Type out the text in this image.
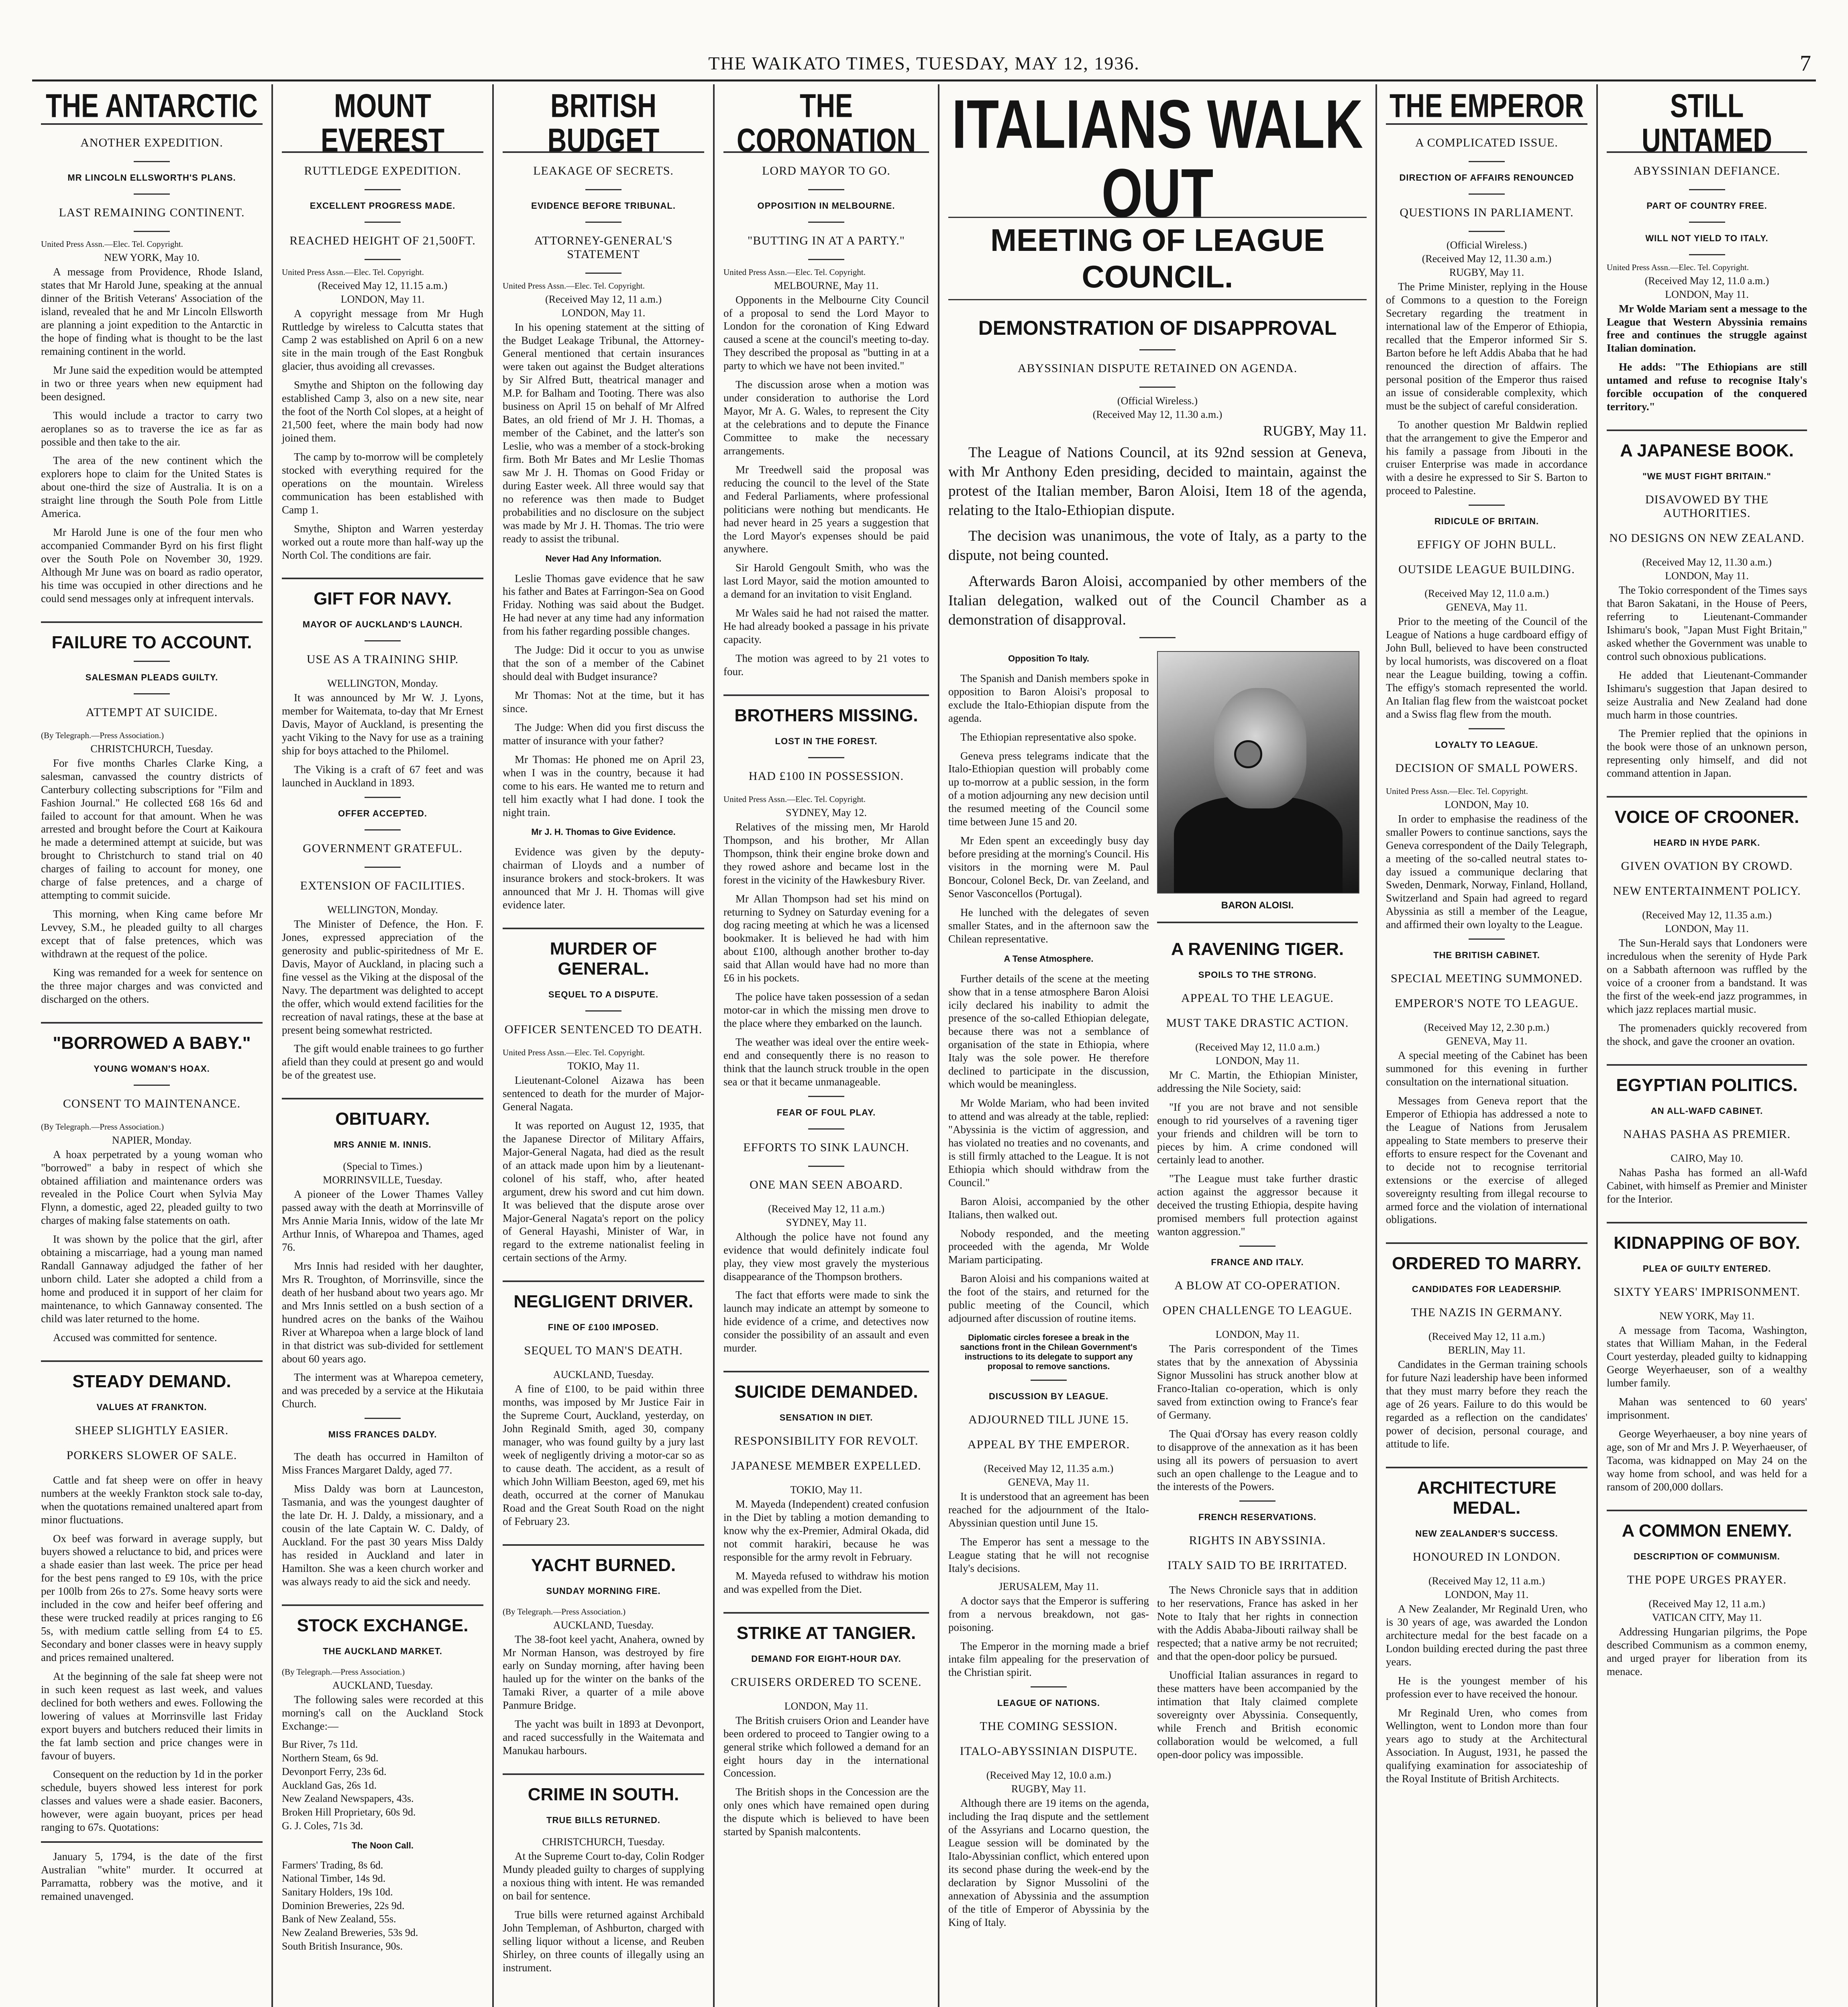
THE WAIKATO TIMES, TUESDAY, MAY 12, 1936.	7
THE ANTARCTIC
ANOTHER EXPEDITION.
MR LINCOLN ELLSWORTH'S PLANS.
LAST REMAINING CONTINENT.
United Press Assn.—Elec. Tel. Copyright.
NEW YORK, May 10.

A message from Providence, Rhode Island, states that Mr Harold June, speaking at the annual dinner of the British Veterans' Association of the island, revealed that he and Mr Lincoln Ellsworth are planning a joint expedition to the Antarctic in the hope of finding what is thought to be the last remaining continent in the world.

Mr June said the expedition would be attempted in two or three years when new equipment had been designed.

This would include a tractor to carry two aeroplanes so as to traverse the ice as far as possible and then take to the air.

The area of the new continent which the explorers hope to claim for the United States is about one-third the size of Australia. It is on a straight line through the South Pole from Little America.

Mr Harold June is one of the four men who accompanied Commander Byrd on his first flight over the South Pole on November 30, 1929. Although Mr June was on board as radio operator, his time was occupied in other directions and he could send messages only at infrequent intervals.

FAILURE TO ACCOUNT.
SALESMAN PLEADS GUILTY.
ATTEMPT AT SUICIDE.
(By Telegraph.—Press Association.)
CHRISTCHURCH, Tuesday.

For five months Charles Clarke King, a salesman, canvassed the country districts of Canterbury collecting subscriptions for "Film and Fashion Journal." He collected £68 16s 6d and failed to account for that amount. When he was arrested and brought before the Court at Kaikoura he made a determined attempt at suicide, but was brought to Christchurch to stand trial on 40 charges of failing to account for money, one charge of false pretences, and a charge of attempting to commit suicide.

This morning, when King came before Mr Levvey, S.M., he pleaded guilty to all charges except that of false pretences, which was withdrawn at the request of the police.

King was remanded for a week for sentence on the three major charges and was convicted and discharged on the others.

"BORROWED A BABY."
YOUNG WOMAN'S HOAX.
CONSENT TO MAINTENANCE.
(By Telegraph.—Press Association.)
NAPIER, Monday.

A hoax perpetrated by a young woman who "borrowed" a baby in respect of which she obtained affiliation and maintenance orders was revealed in the Police Court when Sylvia May Flynn, a domestic, aged 22, pleaded guilty to two charges of making false statements on oath.

It was shown by the police that the girl, after obtaining a miscarriage, had a young man named Randall Gannaway adjudged the father of her unborn child. Later she adopted a child from a home and produced it in support of her claim for maintenance, to which Gannaway consented. The child was later returned to the home.

Accused was committed for sentence.

STEADY DEMAND.
VALUES AT FRANKTON.
SHEEP SLIGHTLY EASIER.
PORKERS SLOWER OF SALE.

Cattle and fat sheep were on offer in heavy numbers at the weekly Frankton stock sale to-day, when the quotations remained unaltered apart from minor fluctuations.

Ox beef was forward in average supply, but buyers showed a reluctance to bid, and prices were a shade easier than last week. The price per head for the best pens ranged to £9 10s, with the price per 100lb from 26s to 27s. Some heavy sorts were included in the cow and heifer beef offering and these were trucked readily at prices ranging to £6 5s, with medium cattle selling from £4 to £5. Secondary and boner classes were in heavy supply and prices remained unaltered.

At the beginning of the sale fat sheep were not in such keen request as last week, and values declined for both wethers and ewes. Following the lowering of values at Morrinsville last Friday export buyers and butchers reduced their limits in the fat lamb section and price changes were in favour of buyers.

Consequent on the reduction by 1d in the porker schedule, buyers showed less interest for pork classes and values were a shade easier. Baconers, however, were again buoyant, prices per head ranging to 67s. Quotations:

January 5, 1794, is the date of the first Australian "white" murder. It occurred at Parramatta, robbery was the motive, and it remained unavenged.

MOUNT EVEREST
RUTTLEDGE EXPEDITION.
EXCELLENT PROGRESS MADE.
REACHED HEIGHT OF 21,500FT.
United Press Assn.—Elec. Tel. Copyright.
(Received May 12, 11.15 a.m.)
LONDON, May 11.

A copyright message from Mr Hugh Ruttledge by wireless to Calcutta states that Camp 2 was established on April 6 on a new site in the main trough of the East Rongbuk glacier, thus avoiding all crevasses.

Smythe and Shipton on the following day established Camp 3, also on a new site, near the foot of the North Col slopes, at a height of 21,500 feet, where the main body had now joined them.

The camp by to-morrow will be completely stocked with everything required for the operations on the mountain. Wireless communication has been established with Camp 1.

Smythe, Shipton and Warren yesterday worked out a route more than half-way up the North Col. The conditions are fair.

GIFT FOR NAVY.
MAYOR OF AUCKLAND'S LAUNCH.
USE AS A TRAINING SHIP.
WELLINGTON, Monday.

It was announced by Mr W. J. Lyons, member for Waitemata, to-day that Mr Ernest Davis, Mayor of Auckland, is presenting the yacht Viking to the Navy for use as a training ship for boys attached to the Philomel.

The Viking is a craft of 67 feet and was launched in Auckland in 1893.

OFFER ACCEPTED.
GOVERNMENT GRATEFUL.
EXTENSION OF FACILITIES.
WELLINGTON, Monday.

The Minister of Defence, the Hon. F. Jones, expressed appreciation of the generosity and public-spiritedness of Mr E. Davis, Mayor of Auckland, in placing such a fine vessel as the Viking at the disposal of the Navy. The department was delighted to accept the offer, which would extend facilities for the recreation of naval ratings, these at the base at present being somewhat restricted.

The gift would enable trainees to go further afield than they could at present go and would be of the greatest use.

OBITUARY.
MRS ANNIE M. INNIS.
(Special to Times.)
MORRINSVILLE, Tuesday.

A pioneer of the Lower Thames Valley passed away with the death at Morrinsville of Mrs Annie Maria Innis, widow of the late Mr Arthur Innis, of Wharepoa and Thames, aged 76.

Mrs Innis had resided with her daughter, Mrs R. Troughton, of Morrinsville, since the death of her husband about two years ago. Mr and Mrs Innis settled on a bush section of a hundred acres on the banks of the Waihou River at Wharepoa when a large block of land in that district was sub-divided for settlement about 60 years ago.

The interment was at Wharepoa cemetery, and was preceded by a service at the Hikutaia Church.

MISS FRANCES DALDY.

The death has occurred in Hamilton of Miss Frances Margaret Daldy, aged 77.

Miss Daldy was born at Launceston, Tasmania, and was the youngest daughter of the late Dr. H. J. Daldy, a missionary, and a cousin of the late Captain W. C. Daldy, of Auckland. For the past 30 years Miss Daldy has resided in Auckland and later in Hamilton. She was a keen church worker and was always ready to aid the sick and needy.

STOCK EXCHANGE.
THE AUCKLAND MARKET.
(By Telegraph.—Press Association.)
AUCKLAND, Tuesday.

The following sales were recorded at this morning's call on the Auckland Stock Exchange:—

Bur River, 7s 11d.
Northern Steam, 6s 9d.
Devonport Ferry, 23s 6d.
Auckland Gas, 26s 1d.
New Zealand Newspapers, 43s.
Broken Hill Proprietary, 60s 9d.
G. J. Coles, 71s 3d.
The Noon Call.
Farmers' Trading, 8s 6d.
National Timber, 14s 9d.
Sanitary Holders, 19s 10d.
Dominion Breweries, 22s 9d.
Bank of New Zealand, 55s.
New Zealand Breweries, 53s 9d.
South British Insurance, 90s.
BRITISH BUDGET
LEAKAGE OF SECRETS.
EVIDENCE BEFORE TRIBUNAL.
ATTORNEY-GENERAL'S STATEMENT
United Press Assn.—Elec. Tel. Copyright.
(Received May 12, 11 a.m.)
LONDON, May 11.

In his opening statement at the sitting of the Budget Leakage Tribunal, the Attorney-General mentioned that certain insurances were taken out against the Budget alterations by Sir Alfred Butt, theatrical manager and M.P. for Balham and Tooting. There was also business on April 15 on behalf of Mr Alfred Bates, an old friend of Mr J. H. Thomas, a member of the Cabinet, and the latter's son Leslie, who was a member of a stock-broking firm. Both Mr Bates and Mr Leslie Thomas saw Mr J. H. Thomas on Good Friday or during Easter week. All three would say that no reference was then made to Budget probabilities and no disclosure on the subject was made by Mr J. H. Thomas. The trio were ready to assist the tribunal.

Never Had Any Information.

Leslie Thomas gave evidence that he saw his father and Bates at Farringon-Sea on Good Friday. Nothing was said about the Budget. He had never at any time had any information from his father regarding possible changes.

The Judge: Did it occur to you as unwise that the son of a member of the Cabinet should deal with Budget insurance?

Mr Thomas: Not at the time, but it has since.

The Judge: When did you first discuss the matter of insurance with your father?

Mr Thomas: He phoned me on April 23, when I was in the country, because it had come to his ears. He wanted me to return and tell him exactly what I had done. I took the night train.

Mr J. H. Thomas to Give Evidence.

Evidence was given by the deputy-chairman of Lloyds and a number of insurance brokers and stock-brokers. It was announced that Mr J. H. Thomas will give evidence later.

MURDER OF GENERAL.
SEQUEL TO A DISPUTE.
OFFICER SENTENCED TO DEATH.
United Press Assn.—Elec. Tel. Copyright.
TOKIO, May 11.

Lieutenant-Colonel Aizawa has been sentenced to death for the murder of Major-General Nagata.

It was reported on August 12, 1935, that the Japanese Director of Military Affairs, Major-General Nagata, had died as the result of an attack made upon him by a lieutenant-colonel of his staff, who, after heated argument, drew his sword and cut him down. It was believed that the dispute arose over Major-General Nagata's report on the policy of General Hayashi, Minister of War, in regard to the extreme nationalist feeling in certain sections of the Army.

NEGLIGENT DRIVER.
FINE OF £100 IMPOSED.
SEQUEL TO MAN'S DEATH.
AUCKLAND, Tuesday.

A fine of £100, to be paid within three months, was imposed by Mr Justice Fair in the Supreme Court, Auckland, yesterday, on John Reginald Smith, aged 30, company manager, who was found guilty by a jury last week of negligently driving a motor-car so as to cause death. The accident, as a result of which John William Beeston, aged 69, met his death, occurred at the corner of Manukau Road and the Great South Road on the night of February 23.

YACHT BURNED.
SUNDAY MORNING FIRE.
(By Telegraph.—Press Association.)
AUCKLAND, Tuesday.

The 38-foot keel yacht, Anahera, owned by Mr Norman Hanson, was destroyed by fire early on Sunday morning, after having been hauled up for the winter on the banks of the Tamaki River, a quarter of a mile above Panmure Bridge.

The yacht was built in 1893 at Devonport, and raced successfully in the Waitemata and Manukau harbours.

CRIME IN SOUTH.
TRUE BILLS RETURNED.
CHRISTCHURCH, Tuesday.

At the Supreme Court to-day, Colin Rodger Mundy pleaded guilty to charges of supplying a noxious thing with intent. He was remanded on bail for sentence.

True bills were returned against Archibald John Templeman, of Ashburton, charged with selling liquor without a license, and Reuben Shirley, on three counts of illegally using an instrument.

THE CORONATION
LORD MAYOR TO GO.
OPPOSITION IN MELBOURNE.
"BUTTING IN AT A PARTY."
United Press Assn.—Elec. Tel. Copyright.
MELBOURNE, May 11.

Opponents in the Melbourne City Council of a proposal to send the Lord Mayor to London for the coronation of King Edward caused a scene at the council's meeting to-day. They described the proposal as "butting in at a party to which we have not been invited."

The discussion arose when a motion was under consideration to authorise the Lord Mayor, Mr A. G. Wales, to represent the City at the celebrations and to depute the Finance Committee to make the necessary arrangements.

Mr Treedwell said the proposal was reducing the council to the level of the State and Federal Parliaments, where professional politicians were nothing but mendicants. He had never heard in 25 years a suggestion that the Lord Mayor's expenses should be paid anywhere.

Sir Harold Gengoult Smith, who was the last Lord Mayor, said the motion amounted to a demand for an invitation to visit England.

Mr Wales said he had not raised the matter. He had already booked a passage in his private capacity.

The motion was agreed to by 21 votes to four.

BROTHERS MISSING.
LOST IN THE FOREST.
HAD £100 IN POSSESSION.
United Press Assn.—Elec. Tel. Copyright.
SYDNEY, May 12.

Relatives of the missing men, Mr Harold Thompson, and his brother, Mr Allan Thompson, think their engine broke down and they rowed ashore and became lost in the forest in the vicinity of the Hawkesbury River.

Mr Allan Thompson had set his mind on returning to Sydney on Saturday evening for a dog racing meeting at which he was a licensed bookmaker. It is believed he had with him about £100, although another brother to-day said that Allan would have had no more than £6 in his pockets.

The police have taken possession of a sedan motor-car in which the missing men drove to the place where they embarked on the launch.

The weather was ideal over the entire week-end and consequently there is no reason to think that the launch struck trouble in the open sea or that it became unmanageable.

FEAR OF FOUL PLAY.
EFFORTS TO SINK LAUNCH.
ONE MAN SEEN ABOARD.
(Received May 12, 11 a.m.)
SYDNEY, May 11.

Although the police have not found any evidence that would definitely indicate foul play, they view most gravely the mysterious disappearance of the Thompson brothers.

The fact that efforts were made to sink the launch may indicate an attempt by someone to hide evidence of a crime, and detectives now consider the possibility of an assault and even murder.

SUICIDE DEMANDED.
SENSATION IN DIET.
RESPONSIBILITY FOR REVOLT.
JAPANESE MEMBER EXPELLED.
TOKIO, May 11.

M. Mayeda (Independent) created confusion in the Diet by tabling a motion demanding to know why the ex-Premier, Admiral Okada, did not commit harakiri, because he was responsible for the army revolt in February.

M. Mayeda refused to withdraw his motion and was expelled from the Diet.

STRIKE AT TANGIER.
DEMAND FOR EIGHT-HOUR DAY.
CRUISERS ORDERED TO SCENE.
LONDON, May 11.

The British cruisers Orion and Leander have been ordered to proceed to Tangier owing to a general strike which followed a demand for an eight hours day in the international Concession.

The British shops in the Concession are the only ones which have remained open during the dispute which is believed to have been started by Spanish malcontents.

ITALIANS WALK OUT
MEETING OF LEAGUE COUNCIL.
DEMONSTRATION OF DISAPPROVAL
ABYSSINIAN DISPUTE RETAINED ON AGENDA.
(Official Wireless.)
(Received May 12, 11.30 a.m.)
RUGBY, May 11.

The League of Nations Council, at its 92nd session at Geneva, with Mr Anthony Eden presiding, decided to maintain, against the protest of the Italian member, Baron Aloisi, Item 18 of the agenda, relating to the Italo-Ethiopian dispute.

The decision was unanimous, the vote of Italy, as a party to the dispute, not being counted.

Afterwards Baron Aloisi, accompanied by other members of the Italian delegation, walked out of the Council Chamber as a demonstration of disapproval.

Opposition To Italy.

The Spanish and Danish members spoke in opposition to Baron Aloisi's proposal to exclude the Italo-Ethiopian dispute from the agenda.

The Ethiopian representative also spoke.

Geneva press telegrams indicate that the Italo-Ethiopian question will probably come up to-morrow at a public session, in the form of a motion adjourning any new decision until the resumed meeting of the Council some time between June 15 and 20.

Mr Eden spent an exceedingly busy day before presiding at the morning's Council. His visitors in the morning were M. Paul Boncour, Colonel Beck, Dr. van Zeeland, and Senor Vasconcellos (Portugal).

He lunched with the delegates of seven smaller States, and in the afternoon saw the Chilean representative.

A Tense Atmosphere.

Further details of the scene at the meeting show that in a tense atmosphere Baron Aloisi icily declared his inability to admit the presence of the so-called Ethiopian delegate, because there was not a semblance of organisation of the state in Ethiopia, where Italy was the sole power. He therefore declined to participate in the discussion, which would be meaningless.

Mr Wolde Mariam, who had been invited to attend and was already at the table, replied: "Abyssinia is the victim of aggression, and has violated no treaties and no covenants, and is still firmly attached to the League. It is not Ethiopia which should withdraw from the Council."

Baron Aloisi, accompanied by the other Italians, then walked out.

Nobody responded, and the meeting proceeded with the agenda, Mr Wolde Mariam participating.

Baron Aloisi and his companions waited at the foot of the stairs, and returned for the public meeting of the Council, which adjourned after discussion of routine items.

Diplomatic circles foresee a break in the sanctions front in the Chilean Government's instructions to its delegate to support any proposal to remove sanctions.
DISCUSSION BY LEAGUE.
ADJOURNED TILL JUNE 15.
APPEAL BY THE EMPEROR.
(Received May 12, 11.35 a.m.)
GENEVA, May 11.

It is understood that an agreement has been reached for the adjournment of the Italo-Abyssinian question until June 15.

The Emperor has sent a message to the League stating that he will not recognise Italy's decisions.

JERUSALEM, May 11.

A doctor says that the Emperor is suffering from a nervous breakdown, not gas-poisoning.

The Emperor in the morning made a brief intake film appealing for the preservation of the Christian spirit.

LEAGUE OF NATIONS.
THE COMING SESSION.
ITALO-ABYSSINIAN DISPUTE.
(Received May 12, 10.0 a.m.)
RUGBY, May 11.

Although there are 19 items on the agenda, including the Iraq dispute and the settlement of the Assyrians and Locarno question, the League session will be dominated by the Italo-Abyssinian conflict, which entered upon its second phase during the week-end by the declaration by Signor Mussolini of the annexation of Abyssinia and the assumption of the title of Emperor of Abyssinia by the King of Italy.

BARON ALOISI.
A RAVENING TIGER.
SPOILS TO THE STRONG.
APPEAL TO THE LEAGUE.
MUST TAKE DRASTIC ACTION.
(Received May 12, 11.0 a.m.)
LONDON, May 11.

Mr C. Martin, the Ethiopian Minister, addressing the Nile Society, said:

"If you are not brave and not sensible enough to rid yourselves of a ravening tiger your friends and children will be torn to pieces by him. A crime condoned will certainly lead to another.

"The League must take further drastic action against the aggressor because it deceived the trusting Ethiopia, despite having promised members full protection against wanton aggression."

FRANCE AND ITALY.
A BLOW AT CO-OPERATION.
OPEN CHALLENGE TO LEAGUE.
LONDON, May 11.

The Paris correspondent of the Times states that by the annexation of Abyssinia Signor Mussolini has struck another blow at Franco-Italian co-operation, which is only saved from extinction owing to France's fear of Germany.

The Quai d'Orsay has every reason coldly to disapprove of the annexation as it has been using all its powers of persuasion to avert such an open challenge to the League and to the interests of the Powers.

FRENCH RESERVATIONS.
RIGHTS IN ABYSSINIA.
ITALY SAID TO BE IRRITATED.

The News Chronicle says that in addition to her reservations, France has asked in her Note to Italy that her rights in connection with the Addis Ababa-Jibouti railway shall be respected; that a native army be not recruited; and that the open-door policy be pursued.

Unofficial Italian assurances in regard to these matters have been accompanied by the intimation that Italy claimed complete sovereignty over Abyssinia. Consequently, while French and British economic collaboration would be welcomed, a full open-door policy was impossible.

THE EMPEROR
A COMPLICATED ISSUE.
DIRECTION OF AFFAIRS RENOUNCED
QUESTIONS IN PARLIAMENT.
(Official Wireless.)
(Received May 12, 11.30 a.m.)
RUGBY, May 11.

The Prime Minister, replying in the House of Commons to a question to the Foreign Secretary regarding the treatment in international law of the Emperor of Ethiopia, recalled that the Emperor informed Sir S. Barton before he left Addis Ababa that he had renounced the direction of affairs. The personal position of the Emperor thus raised an issue of considerable complexity, which must be the subject of careful consideration.

To another question Mr Baldwin replied that the arrangement to give the Emperor and his family a passage from Jibouti in the cruiser Enterprise was made in accordance with a desire he expressed to Sir S. Barton to proceed to Palestine.

RIDICULE OF BRITAIN.
EFFIGY OF JOHN BULL.
OUTSIDE LEAGUE BUILDING.
(Received May 12, 11.0 a.m.)
GENEVA, May 11.

Prior to the meeting of the Council of the League of Nations a huge cardboard effigy of John Bull, believed to have been constructed by local humorists, was discovered on a float near the League building, towing a coffin. The effigy's stomach represented the world. An Italian flag flew from the waistcoat pocket and a Swiss flag flew from the mouth.

LOYALTY TO LEAGUE.
DECISION OF SMALL POWERS.
United Press Assn.—Elec. Tel. Copyright.
LONDON, May 10.

In order to emphasise the readiness of the smaller Powers to continue sanctions, says the Geneva correspondent of the Daily Telegraph, a meeting of the so-called neutral states to-day issued a communique declaring that Sweden, Denmark, Norway, Finland, Holland, Switzerland and Spain had agreed to regard Abyssinia as still a member of the League, and affirmed their own loyalty to the League.

THE BRITISH CABINET.
SPECIAL MEETING SUMMONED.
EMPEROR'S NOTE TO LEAGUE.
(Received May 12, 2.30 p.m.)
GENEVA, May 11.

A special meeting of the Cabinet has been summoned for this evening in further consultation on the international situation.

Messages from Geneva report that the Emperor of Ethiopia has addressed a note to the League of Nations from Jerusalem appealing to State members to preserve their efforts to ensure respect for the Covenant and to decide not to recognise territorial extensions or the exercise of alleged sovereignty resulting from illegal recourse to armed force and the violation of international obligations.

ORDERED TO MARRY.
CANDIDATES FOR LEADERSHIP.
THE NAZIS IN GERMANY.
(Received May 12, 11 a.m.)
BERLIN, May 11.

Candidates in the German training schools for future Nazi leadership have been informed that they must marry before they reach the age of 26 years. Failure to do this would be regarded as a reflection on the candidates' power of decision, personal courage, and attitude to life.

ARCHITECTURE MEDAL.
NEW ZEALANDER'S SUCCESS.
HONOURED IN LONDON.
(Received May 12, 11 a.m.)
LONDON, May 11.

A New Zealander, Mr Reginald Uren, who is 30 years of age, was awarded the London architecture medal for the best facade on a London building erected during the past three years.

He is the youngest member of his profession ever to have received the honour.

Mr Reginald Uren, who comes from Wellington, went to London more than four years ago to study at the Architectural Association. In August, 1931, he passed the qualifying examination for associateship of the Royal Institute of British Architects.

STILL UNTAMED
ABYSSINIAN DEFIANCE.
PART OF COUNTRY FREE.
WILL NOT YIELD TO ITALY.
United Press Assn.—Elec. Tel. Copyright.
(Received May 12, 11.0 a.m.)
LONDON, May 11.

Mr Wolde Mariam sent a message to the League that Western Abyssinia remains free and continues the struggle against Italian domination.

He adds: "The Ethiopians are still untamed and refuse to recognise Italy's forcible occupation of the conquered territory."

A JAPANESE BOOK.
"WE MUST FIGHT BRITAIN."
DISAVOWED BY THE AUTHORITIES.
NO DESIGNS ON NEW ZEALAND.
(Received May 12, 11.30 a.m.)
LONDON, May 11.

The Tokio correspondent of the Times says that Baron Sakatani, in the House of Peers, referring to Lieutenant-Commander Ishimaru's book, "Japan Must Fight Britain," asked whether the Government was unable to control such obnoxious publications.

He added that Lieutenant-Commander Ishimaru's suggestion that Japan desired to seize Australia and New Zealand had done much harm in those countries.

The Premier replied that the opinions in the book were those of an unknown person, representing only himself, and did not command attention in Japan.

VOICE OF CROONER.
HEARD IN HYDE PARK.
GIVEN OVATION BY CROWD.
NEW ENTERTAINMENT POLICY.
(Received May 12, 11.35 a.m.)
LONDON, May 11.

The Sun-Herald says that Londoners were incredulous when the serenity of Hyde Park on a Sabbath afternoon was ruffled by the voice of a crooner from a bandstand. It was the first of the week-end jazz programmes, in which jazz replaces martial music.

The promenaders quickly recovered from the shock, and gave the crooner an ovation.

EGYPTIAN POLITICS.
AN ALL-WAFD CABINET.
NAHAS PASHA AS PREMIER.
CAIRO, May 10.

Nahas Pasha has formed an all-Wafd Cabinet, with himself as Premier and Minister for the Interior.

KIDNAPPING OF BOY.
PLEA OF GUILTY ENTERED.
SIXTY YEARS' IMPRISONMENT.
NEW YORK, May 11.

A message from Tacoma, Washington, states that William Mahan, in the Federal Court yesterday, pleaded guilty to kidnapping George Weyerhaeuser, son of a wealthy lumber family.

Mahan was sentenced to 60 years' imprisonment.

George Weyerhaeuser, a boy nine years of age, son of Mr and Mrs J. P. Weyerhaeuser, of Tacoma, was kidnapped on May 24 on the way home from school, and was held for a ransom of 200,000 dollars.

A COMMON ENEMY.
DESCRIPTION OF COMMUNISM.
THE POPE URGES PRAYER.
(Received May 12, 11 a.m.)
VATICAN CITY, May 11.

Addressing Hungarian pilgrims, the Pope described Communism as a common enemy, and urged prayer for liberation from its menace.
